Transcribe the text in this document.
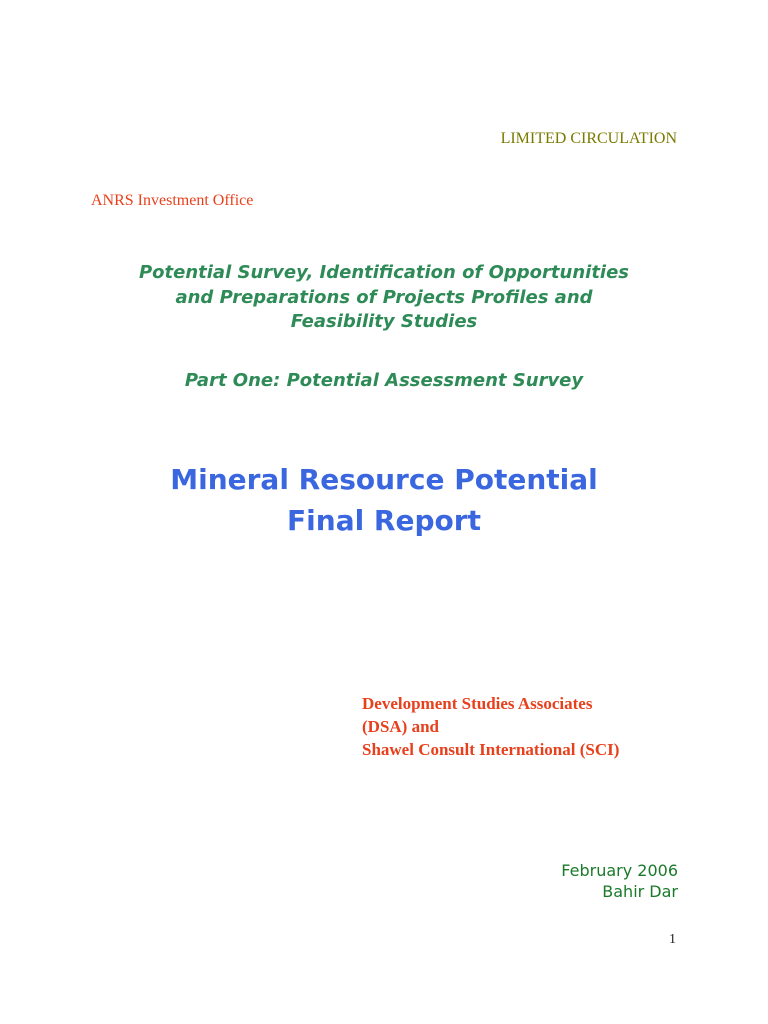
LIMITED CIRCULATION

ANRS Investment Office

Potential Survey, Identification of Opportunities
and Preparations of Projects Profiles and
Feasibility Studies

Part One: Potential Assessment Survey

Mineral Resource Potential
Final Report
Development Studies Associates
(DSA) and
Shawel Consult International (SCI)
February 2006
Bahir Dar

1
